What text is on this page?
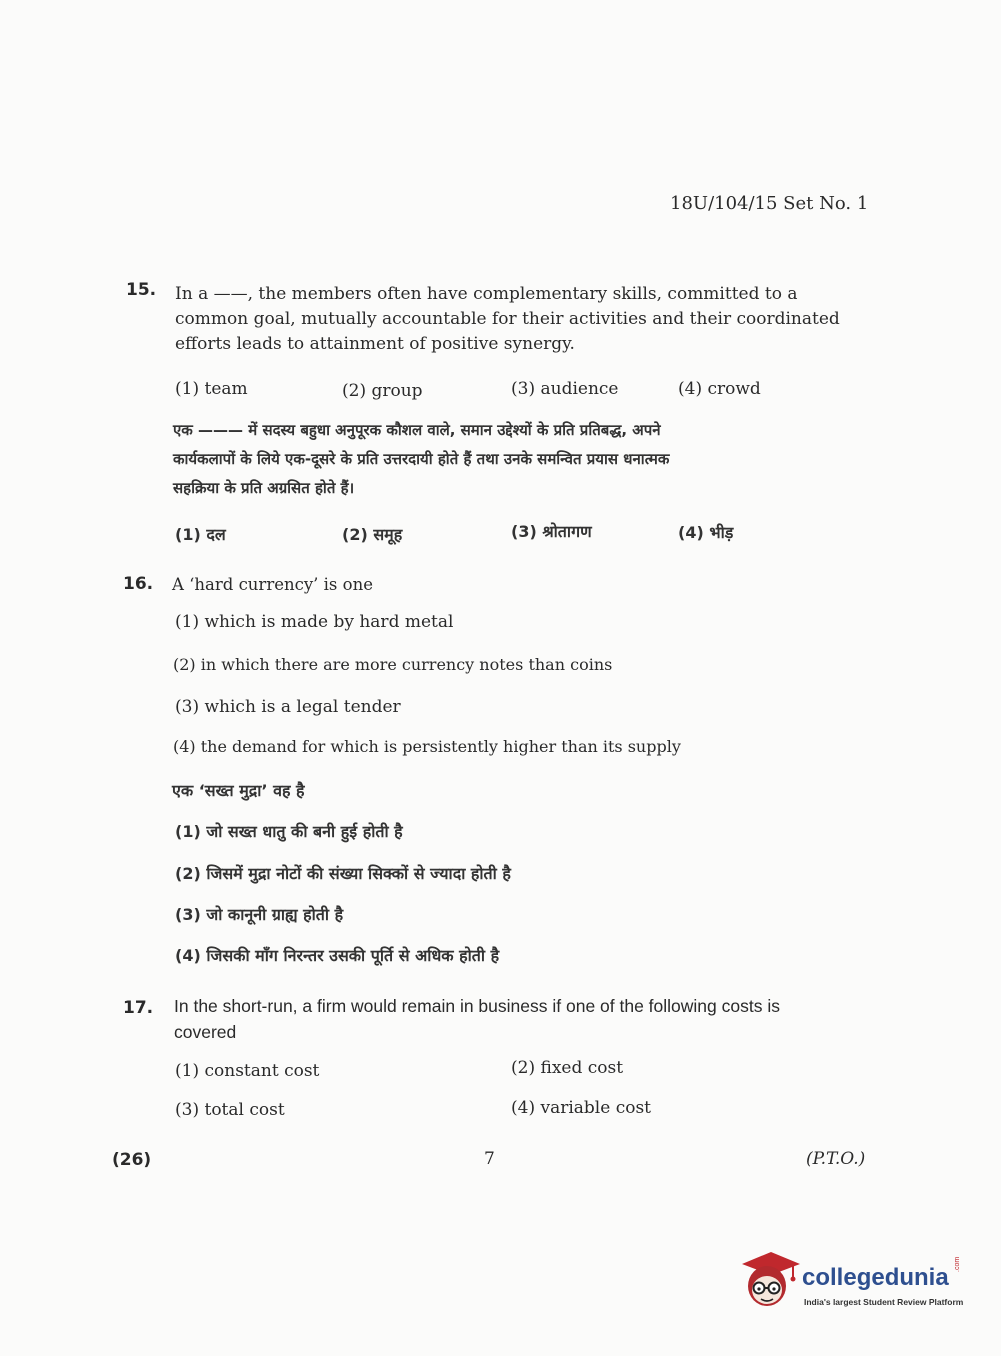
18U/104/15 Set No. 1
15. In a ——, the members often have complementary skills, committed to a
common goal, mutually accountable for their activities and their coordinated
efforts leads to attainment of positive synergy.
(1) team	(2) group	(3) audience	(4) crowd
एक ——— में सदस्य बहुधा अनुपूरक कौशल वाले, समान उद्देश्यों के प्रति प्रतिबद्ध, अपने
कार्यकलापों के लिये एक-दूसरे के प्रति उत्तरदायी होते हैं तथा उनके समन्वित प्रयास धनात्मक
सहक्रिया के प्रति अग्रसित होते हैं।
(1) दल	(2) समूह	(3) श्रोतागण	(4) भीड़
16. A ‘hard currency’ is one
(1) which is made by hard metal
(2) in which there are more currency notes than coins
(3) which is a legal tender
(4) the demand for which is persistently higher than its supply
एक ‘सख्त मुद्रा’ वह है
(1) जो सख्त धातु की बनी हुई होती है
(2) जिसमें मुद्रा नोटों की संख्या सिक्कों से ज्यादा होती है
(3) जो कानूनी ग्राह्य होती है
(4) जिसकी माँग निरन्तर उसकी पूर्ति से अधिक होती है
17. In the short-run, a firm would remain in business if one of the following costs is
covered
(1) constant cost	(2) fixed cost
(3) total cost	(4) variable cost
(26)	7	(P.T.O.)
collegedunia .com
India's largest Student Review Platform
